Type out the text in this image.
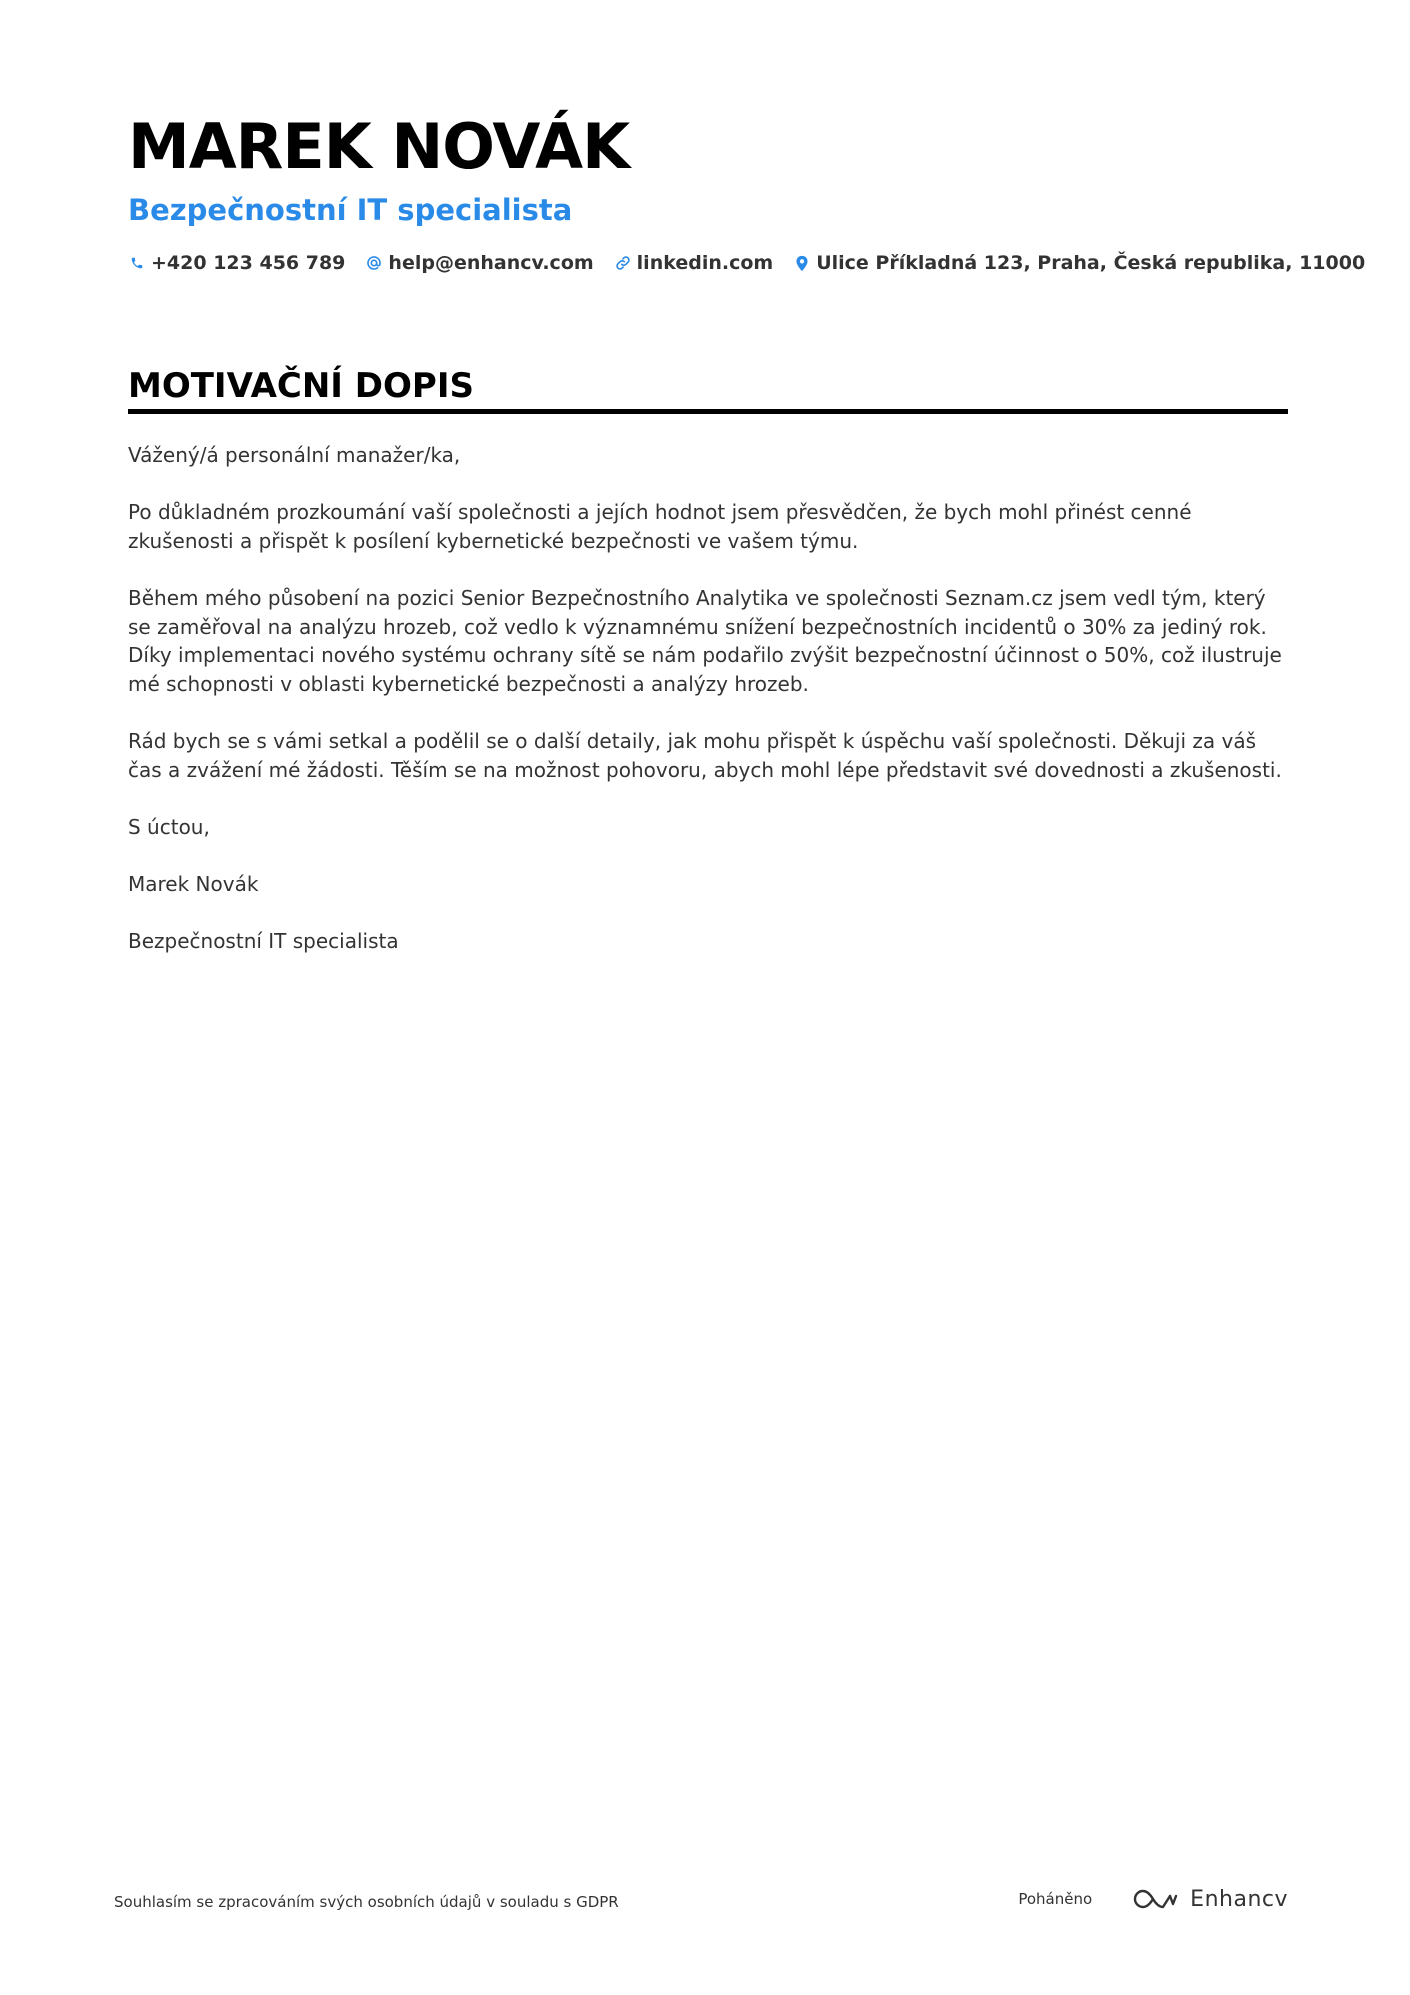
MAREK NOVÁK
Bezpečnostní IT specialista
+420 123 456 789 help@enhancv.com linkedin.com Ulice Příkladná 123, Praha, Česká republika, 11000
MOTIVAČNÍ DOPIS

Vážený/á personální manažer/ka,

Po důkladném prozkoumání vaší společnosti a jejích hodnot jsem přesvědčen, že bych mohl přinést cenné zkušenosti a přispět k posílení kybernetické bezpečnosti ve vašem týmu.

Během mého působení na pozici Senior Bezpečnostního Analytika ve společnosti Seznam.cz jsem vedl tým, který se zaměřoval na analýzu hrozeb, což vedlo k významnému snížení bezpečnostních incidentů o 30% za jediný rok. Díky implementaci nového systému ochrany sítě se nám podařilo zvýšit bezpečnostní účinnost o 50%, což ilustruje mé schopnosti v oblasti kybernetické bezpečnosti a analýzy hrozeb.

Rád bych se s vámi setkal a podělil se o další detaily, jak mohu přispět k úspěchu vaší společnosti. Děkuji za váš čas a zvážení mé žádosti. Těším se na možnost pohovoru, abych mohl lépe představit své dovednosti a zkušenosti.

S úctou,

Marek Novák

Bezpečnostní IT specialista

Souhlasím se zpracováním svých osobních údajů v souladu s GDPR	Poháněno	Enhancv
